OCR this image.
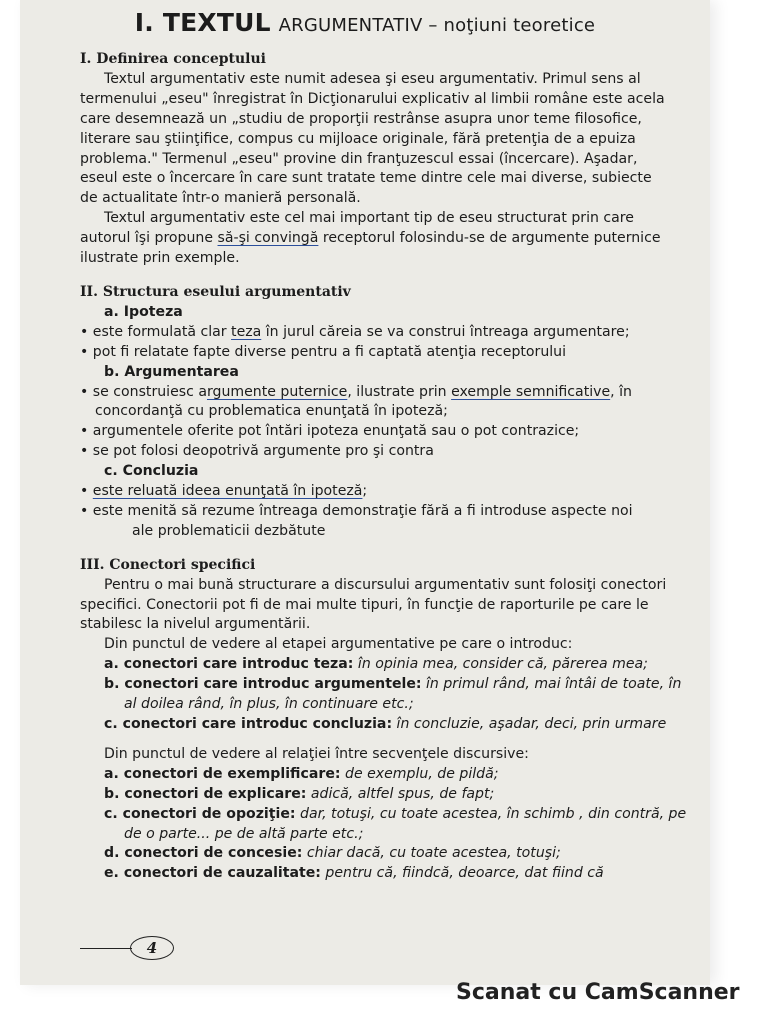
I. TEXTUL ARGUMENTATIV – noţiuni teoretice
I. Definirea conceptului
Textul argumentativ este numit adesea şi eseu argumentativ. Primul sens al
termenului „eseu" înregistrat în Dicţionarului explicativ al limbii române este acela
care desemnează un „studiu de proporţii restrânse asupra unor teme filosofice,
literare sau ştiinţifice, compus cu mijloace originale, fără pretenţia de a epuiza
problema." Termenul „eseu" provine din franţuzescul essai (încercare). Aşadar,
eseul este o încercare în care sunt tratate teme dintre cele mai diverse, subiecte
de actualitate într-o manieră personală.
Textul argumentativ este cel mai important tip de eseu structurat prin care
autorul îşi propune să-şi convingă receptorul folosindu-se de argumente puternice
ilustrate prin exemple.
II. Structura eseului argumentativ
a. Ipoteza
• este formulată clar teza în jurul căreia se va construi întreaga argumentare;
• pot fi relatate fapte diverse pentru a fi captată atenţia receptorului
b. Argumentarea
• se construiesc argumente puternice, ilustrate prin exemple semnificative, în
concordanţă cu problematica enunţată în ipoteză;
• argumentele oferite pot întări ipoteza enunţată sau o pot contrazice;
• se pot folosi deopotrivă argumente pro şi contra
c. Concluzia
• este reluată ideea enunţată în ipoteză;
• este menită să rezume întreaga demonstraţie fără a fi introduse aspecte noi
ale problematicii dezbătute
III. Conectori specifici
Pentru o mai bună structurare a discursului argumentativ sunt folosiţi conectori
specifici. Conectorii pot fi de mai multe tipuri, în funcţie de raporturile pe care le
stabilesc la nivelul argumentării.
Din punctul de vedere al etapei argumentative pe care o introduc:
a. conectori care introduc teza: în opinia mea, consider că, părerea mea;
b. conectori care introduc argumentele: în primul rând, mai întâi de toate, în
al doilea rând, în plus, în continuare etc.;
c. conectori care introduc concluzia: în concluzie, aşadar, deci, prin urmare
Din punctul de vedere al relaţiei între secvenţele discursive:
a. conectori de exemplificare: de exemplu, de pildă;
b. conectori de explicare: adică, altfel spus, de fapt;
c. conectori de opoziţie: dar, totuşi, cu toate acestea, în schimb , din contră, pe
de o parte... pe de altă parte etc.;
d. conectori de concesie: chiar dacă, cu toate acestea, totuşi;
e. conectori de cauzalitate: pentru că, fiindcă, deoarce, dat fiind că
4
Scanat cu CamScanner
